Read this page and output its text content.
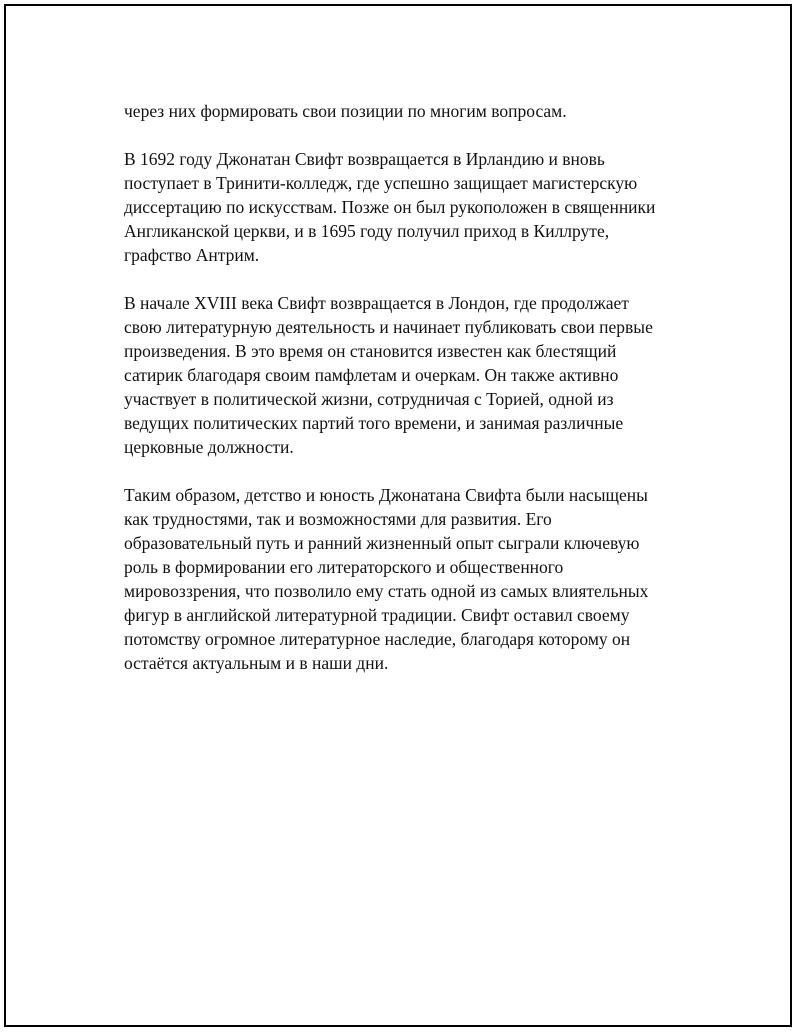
через них формировать свои позиции по многим вопросам.

В 1692 году Джонатан Свифт возвращается в Ирландию и вновь
поступает в Тринити-колледж, где успешно защищает магистерскую
диссертацию по искусствам. Позже он был рукоположен в священники
Англиканской церкви, и в 1695 году получил приход в Киллруте,
графство Антрим.

В начале XVIII века Свифт возвращается в Лондон, где продолжает
свою литературную деятельность и начинает публиковать свои первые
произведения. В это время он становится известен как блестящий
сатирик благодаря своим памфлетам и очеркам. Он также активно
участвует в политической жизни, сотрудничая с Торией, одной из
ведущих политических партий того времени, и занимая различные
церковные должности.

Таким образом, детство и юность Джонатана Свифта были насыщены
как трудностями, так и возможностями для развития. Его
образовательный путь и ранний жизненный опыт сыграли ключевую
роль в формировании его литераторского и общественного
мировоззрения, что позволило ему стать одной из самых влиятельных
фигур в английской литературной традиции. Свифт оставил своему
потомству огромное литературное наследие, благодаря которому он
остаётся актуальным и в наши дни.
